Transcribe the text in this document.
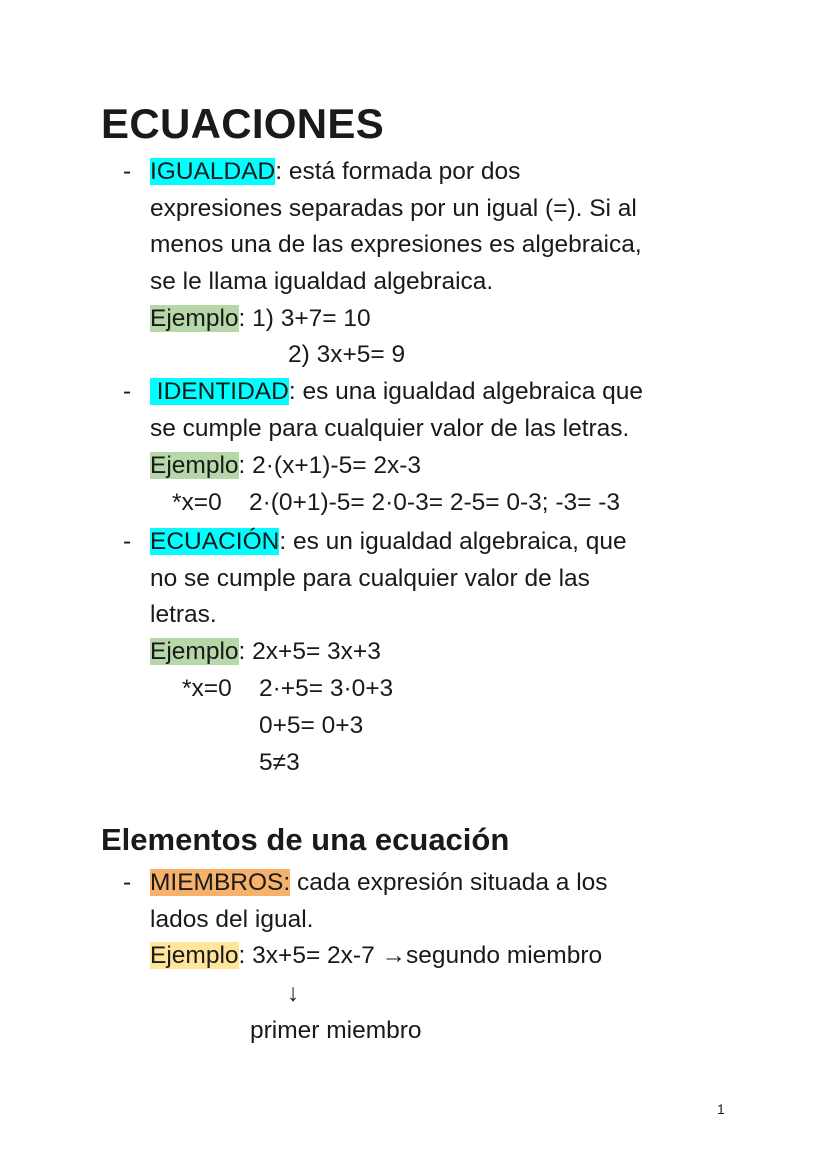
ECUACIONES
- IGUALDAD: está formada por dos
expresiones separadas por un igual (=). Si al
menos una de las expresiones es algebraica,
se le llama igualdad algebraica.
Ejemplo: 1) 3+7= 10
2) 3x+5= 9
- IDENTIDAD: es una igualdad algebraica que
se cumple para cualquier valor de las letras.
Ejemplo: 2·(x+1)-5= 2x-3
*x=0    2·(0+1)-5= 2·0-3= 2-5= 0-3; -3= -3
- ECUACIÓN: es un igualdad algebraica, que
no se cumple para cualquier valor de las
letras.
Ejemplo: 2x+5= 3x+3
*x=0 2·+5= 3·0+3
0+5= 0+3
5≠3
Elementos de una ecuación
- MIEMBROS: cada expresión situada a los
lados del igual.
Ejemplo: 3x+5= 2x-7 →segundo miembro
↓
primer miembro
1
